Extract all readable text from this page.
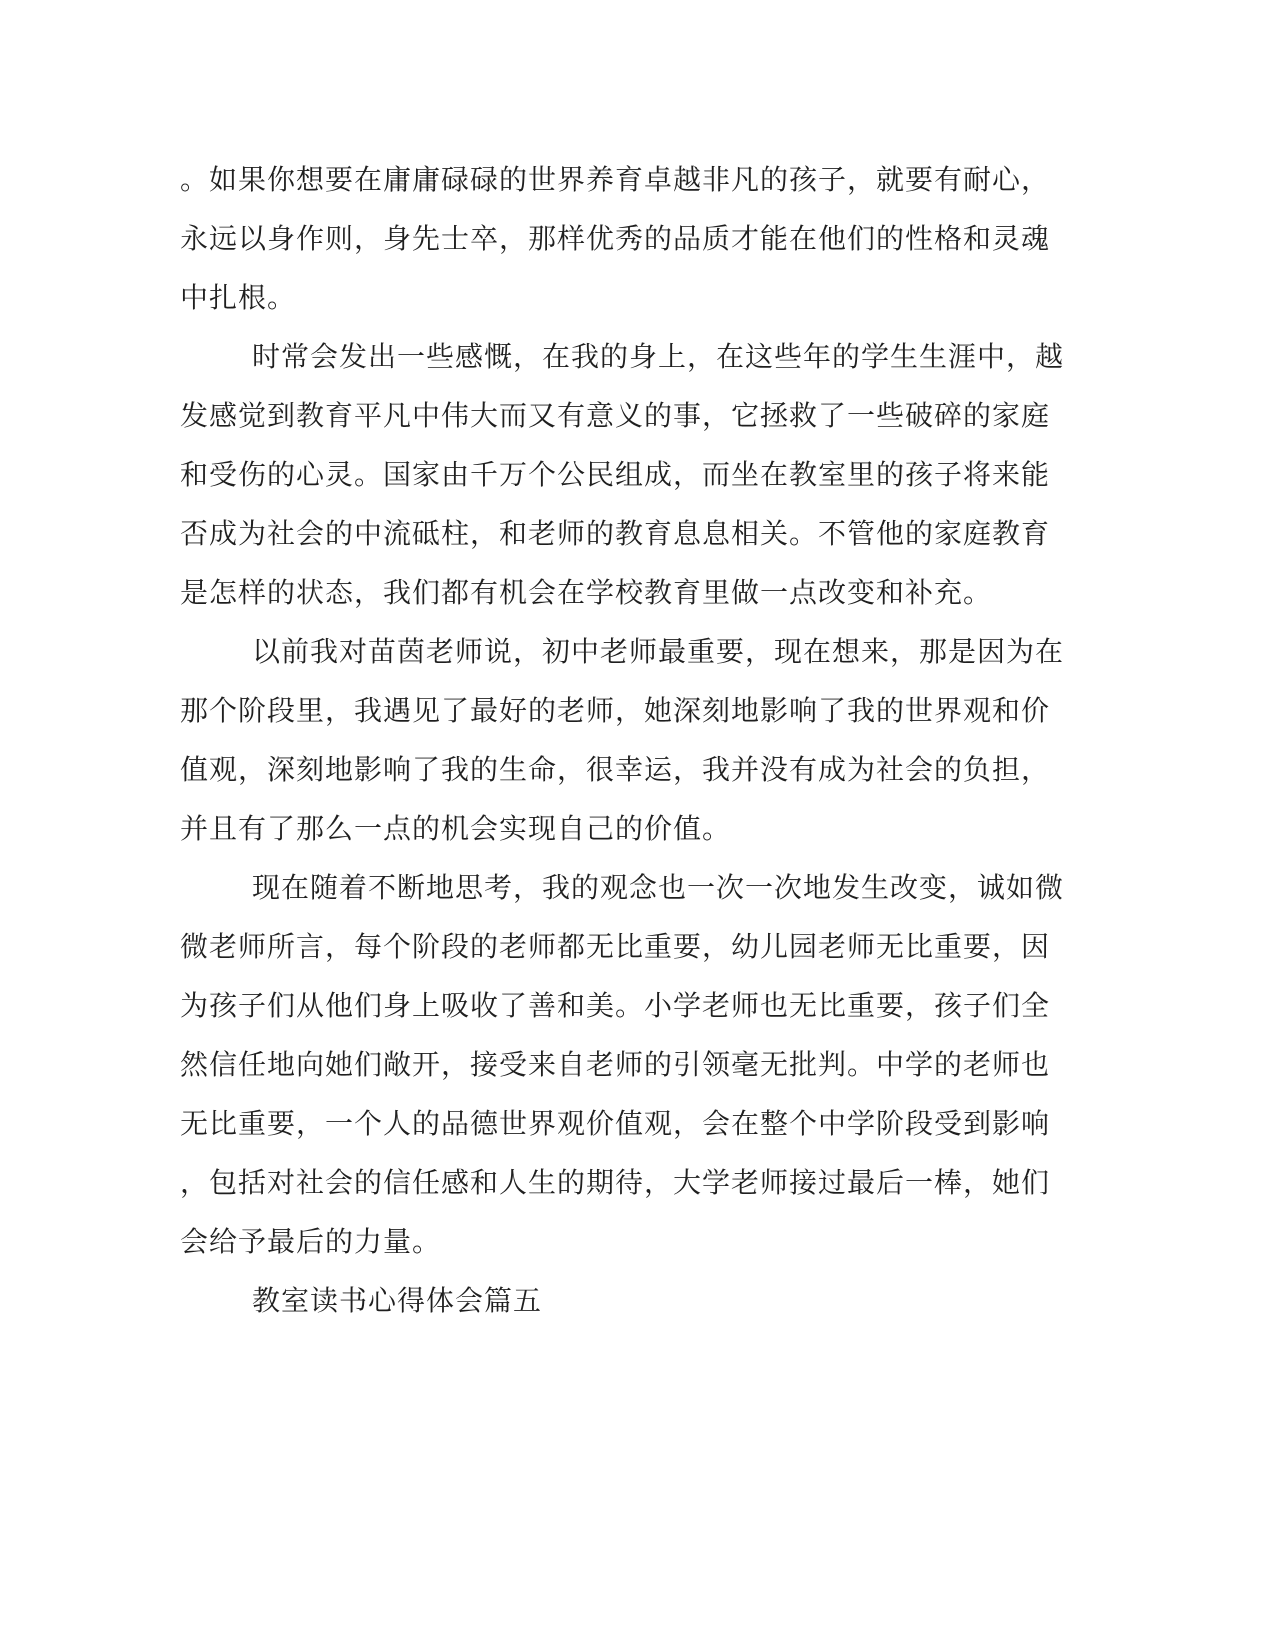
。如果你想要在庸庸碌碌的世界养育卓越非凡的孩子，就要有耐心，

永远以身作则，身先士卒，那样优秀的品质才能在他们的性格和灵魂

中扎根。

时常会发出一些感慨，在我的身上，在这些年的学生生涯中，越

发感觉到教育平凡中伟大而又有意义的事，它拯救了一些破碎的家庭

和受伤的心灵。国家由千万个公民组成，而坐在教室里的孩子将来能

否成为社会的中流砥柱，和老师的教育息息相关。不管他的家庭教育

是怎样的状态，我们都有机会在学校教育里做一点改变和补充。

以前我对苗茵老师说，初中老师最重要，现在想来，那是因为在

那个阶段里，我遇见了最好的老师，她深刻地影响了我的世界观和价

值观，深刻地影响了我的生命，很幸运，我并没有成为社会的负担，

并且有了那么一点的机会实现自己的价值。

现在随着不断地思考，我的观念也一次一次地发生改变，诚如微

微老师所言，每个阶段的老师都无比重要，幼儿园老师无比重要，因

为孩子们从他们身上吸收了善和美。小学老师也无比重要，孩子们全

然信任地向她们敞开，接受来自老师的引领毫无批判。中学的老师也

无比重要，一个人的品德世界观价值观，会在整个中学阶段受到影响

，包括对社会的信任感和人生的期待，大学老师接过最后一棒，她们

会给予最后的力量。

教室读书心得体会篇五
